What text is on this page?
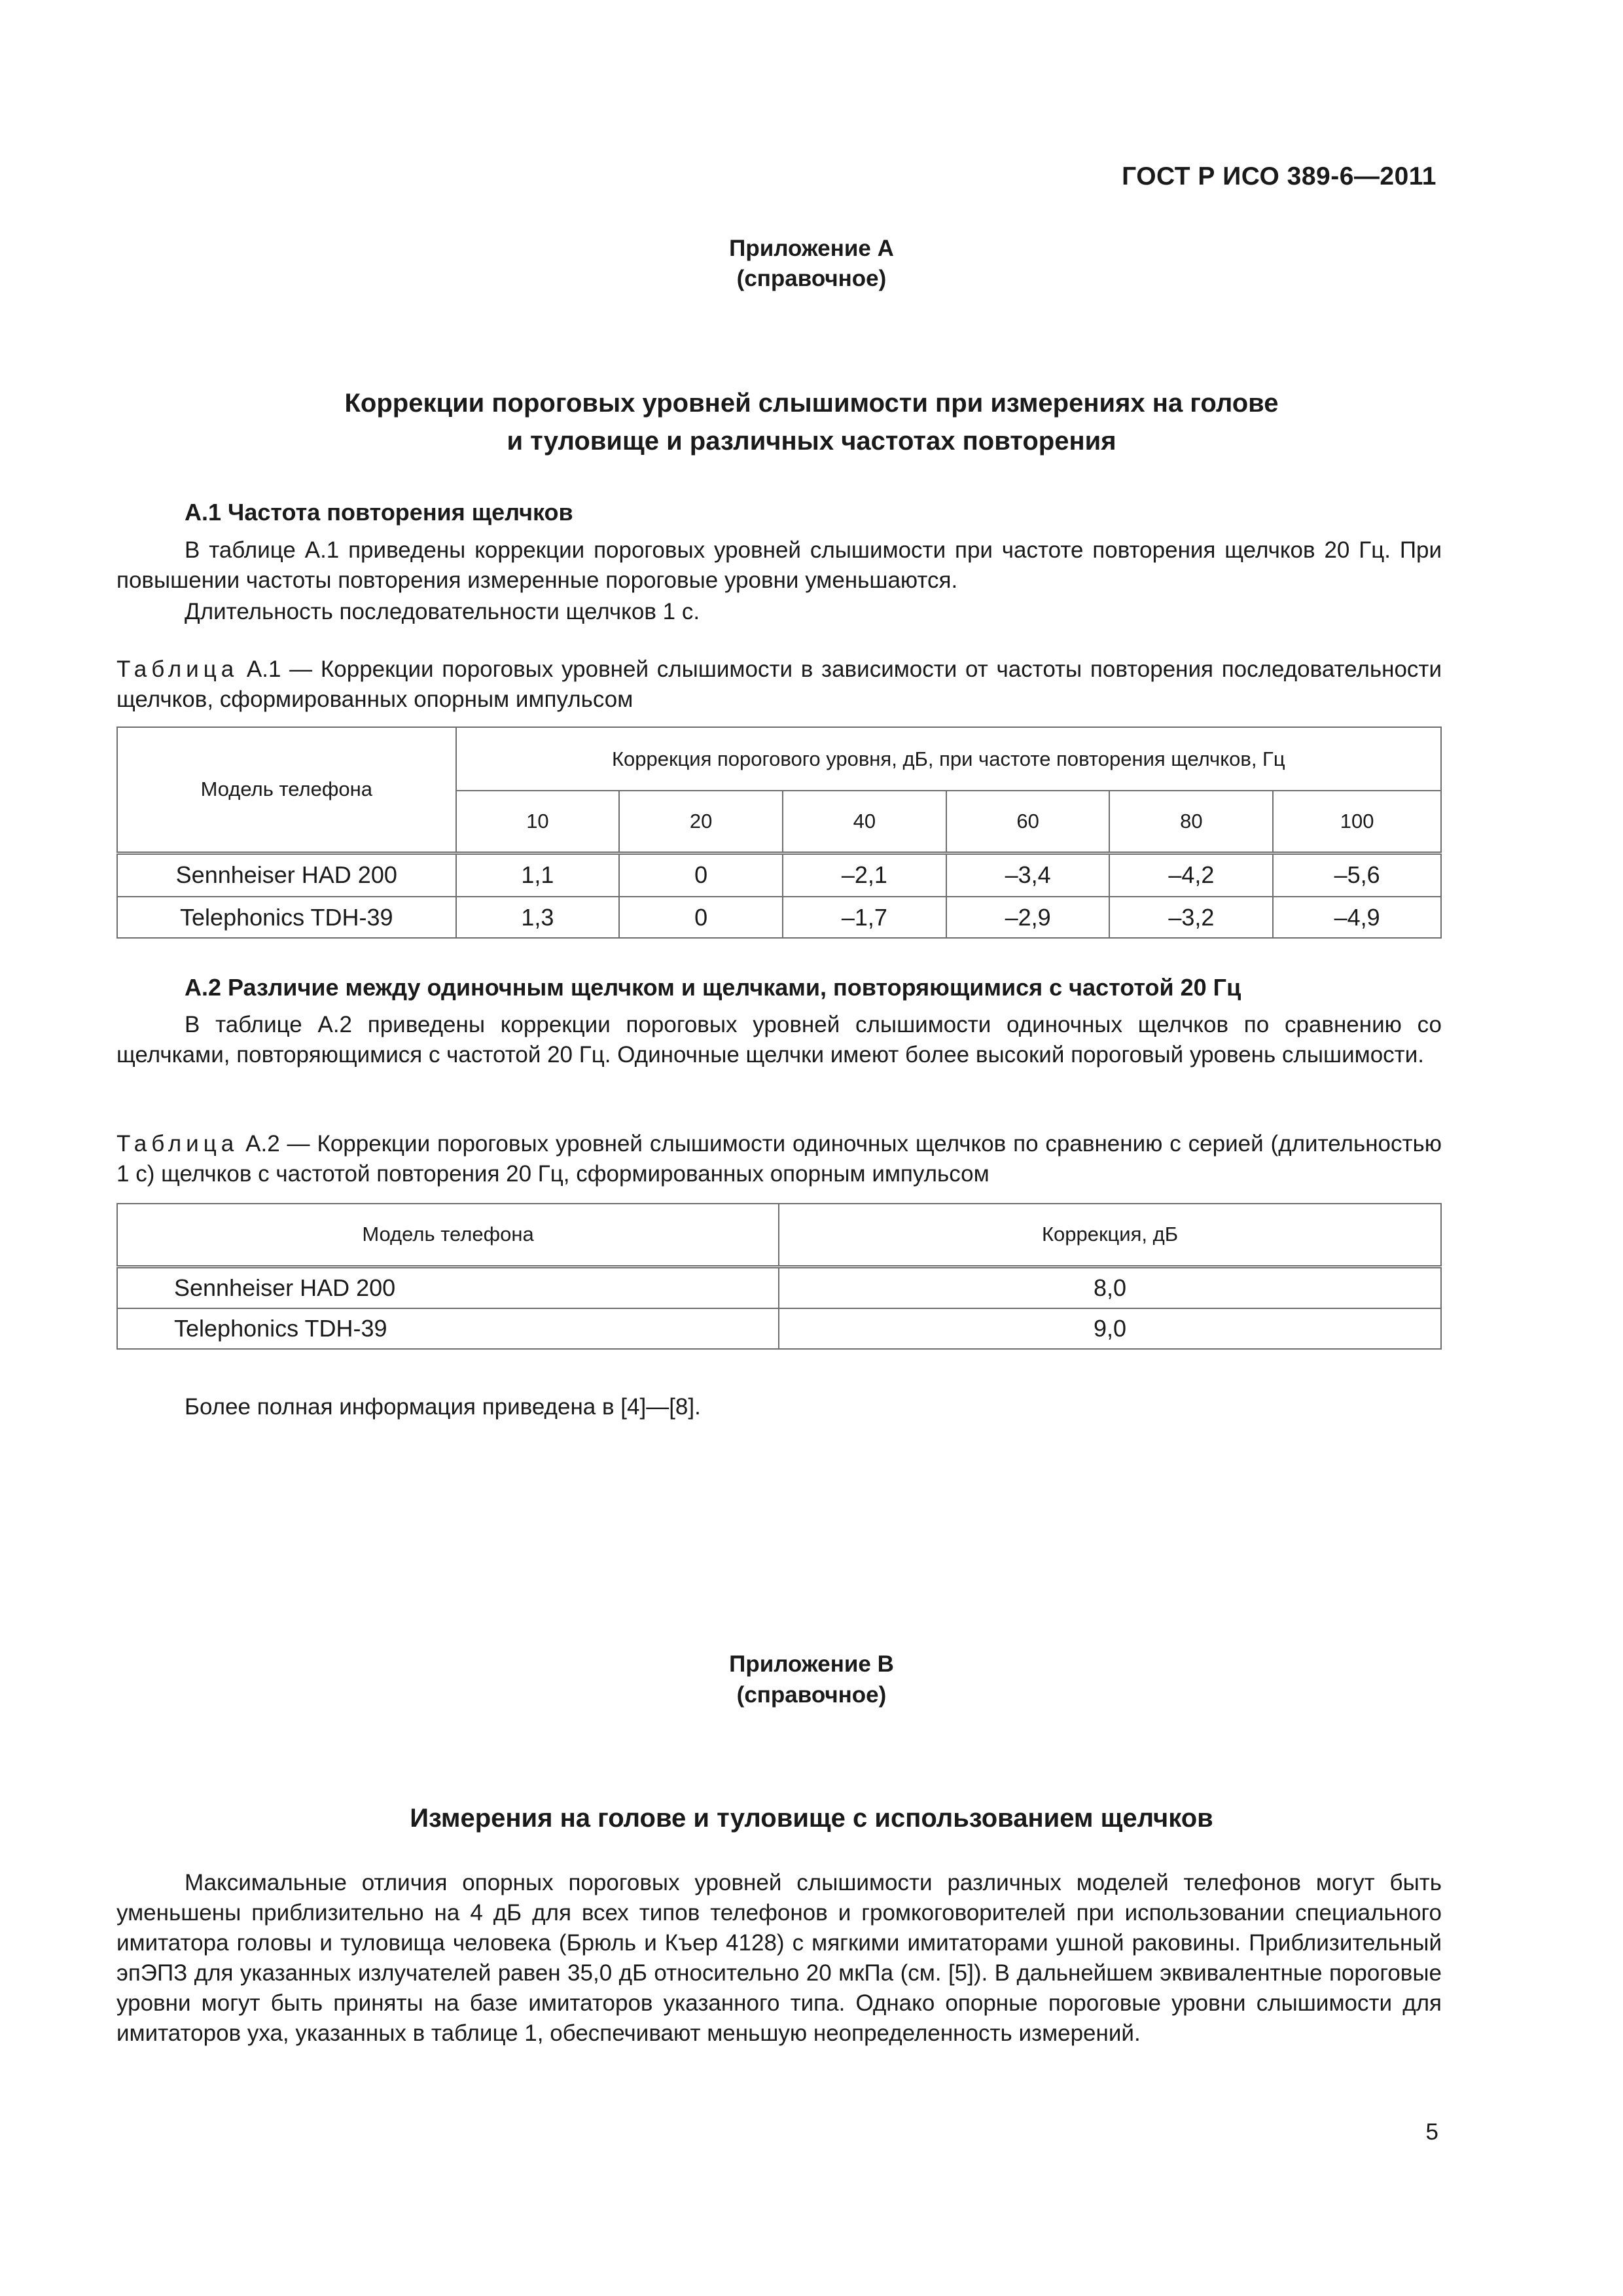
ГОСТ Р ИСО 389-6—2011
Приложение А
(справочное)
Коррекции пороговых уровней слышимости при измерениях на голове
и туловище и различных частотах повторения
А.1 Частота повторения щелчков
В таблице А.1 приведены коррекции пороговых уровней слышимости при частоте повторения щелчков 20 Гц. При повышении частоты повторения измеренные пороговые уровни уменьшаются.
Длительность последовательности щелчков 1 с.
Таблица А.1 — Коррекции пороговых уровней слышимости в зависимости от частоты повторения последовательности щелчков, сформированных опорным импульсом
Модель телефона	Коррекция порогового уровня, дБ, при частоте повторения щелчков, Гц					
	10	20	40	60	80	100
Sennheiser HAD 200	1,1	0	–2,1	–3,4	–4,2	–5,6
Telephonics TDH-39	1,3	0	–1,7	–2,9	–3,2	–4,9
А.2 Различие между одиночным щелчком и щелчками, повторяющимися с частотой 20 Гц
В таблице А.2 приведены коррекции пороговых уровней слышимости одиночных щелчков по сравнению со щелчками, повторяющимися с частотой 20 Гц. Одиночные щелчки имеют более высокий пороговый уровень слышимости.
Таблица А.2 — Коррекции пороговых уровней слышимости одиночных щелчков по сравнению с серией (длительностью 1 с) щелчков с частотой повторения 20 Гц, сформированных опорным импульсом
Модель телефона	Коррекция, дБ
Sennheiser HAD 200	8,0
Telephonics TDH-39	9,0
Более полная информация приведена в [4]—[8].
Приложение В
(справочное)
Измерения на голове и туловище с использованием щелчков
Максимальные отличия опорных пороговых уровней слышимости различных моделей телефонов могут быть уменьшены приблизительно на 4 дБ для всех типов телефонов и громкоговорителей при использовании специального имитатора головы и туловища человека (Брюль и Къер 4128) с мягкими имитаторами ушной раковины. Приблизительный эпЭПЗ для указанных излучателей равен 35,0 дБ относительно 20 мкПа (см. [5]). В дальнейшем эквивалентные пороговые уровни могут быть приняты на базе имитаторов указанного типа. Однако опорные пороговые уровни слышимости для имитаторов уха, указанных в таблице 1, обеспечивают меньшую неопределенность измерений.
5
